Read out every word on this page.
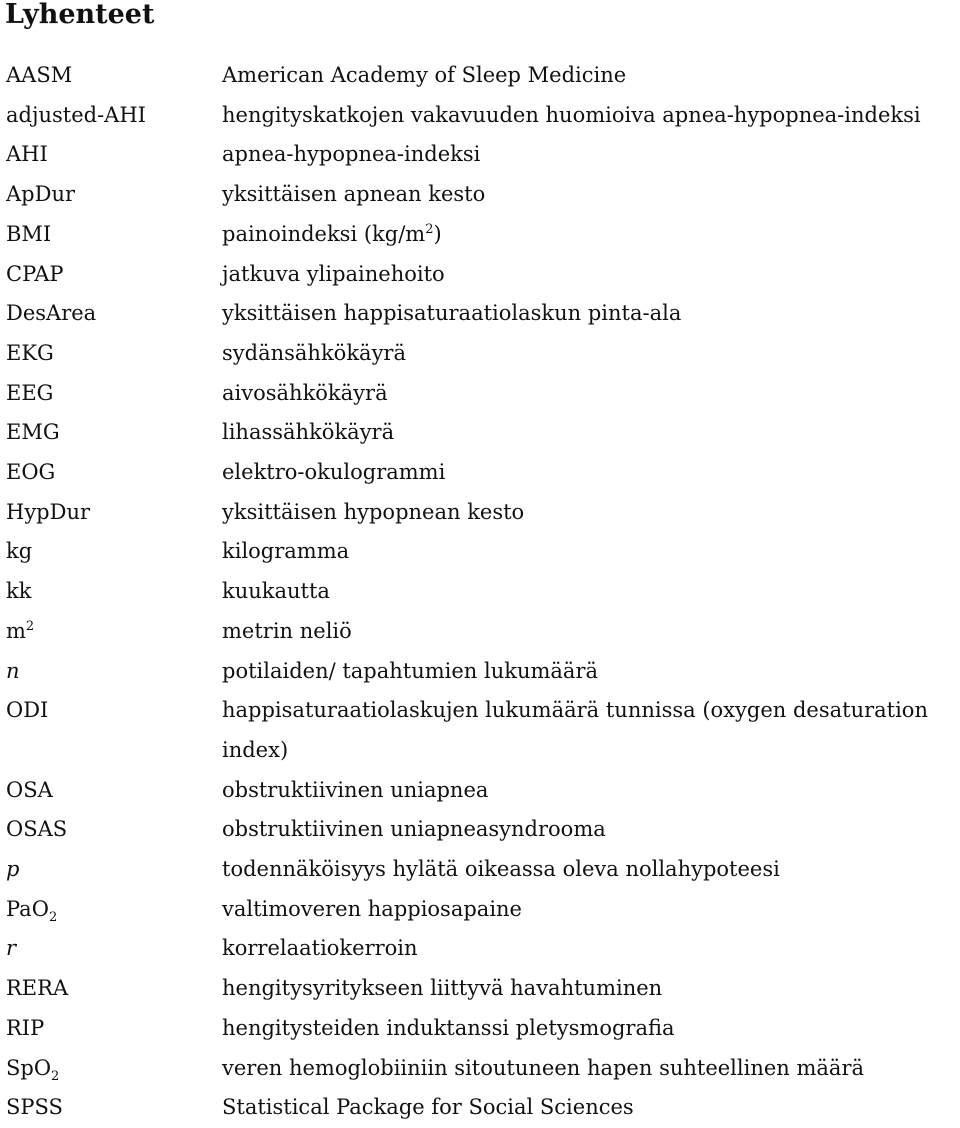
Lyhenteet
AASM	American Academy of Sleep Medicine
adjusted-AHI	hengityskatkojen vakavuuden huomioiva apnea-hypopnea-indeksi
AHI	apnea-hypopnea-indeksi
ApDur	yksittäisen apnean kesto
BMI	painoindeksi $(kg/m^2)$
CPAP	jatkuva ylipainehoito
DesArea	yksittäisen happisaturaatiolaskun pinta-ala
EKG	sydänsähkökäyrä
EEG	aivosähkökäyrä
EMG	lihassähkökäyrä
EOG	elektro-okulogrammi
HypDur	yksittäisen hypopnean kesto
kg	kilogramma
kk	kuukautta
$m^2$	metrin neliö
n	potilaiden/ tapahtumien lukumäärä
ODI	happisaturaatiolaskujen lukumäärä tunnissa (oxygen desaturation index)
OSA	obstruktiivinen uniapnea
OSAS	obstruktiivinen uniapneasyndrooma
p	todennäköisyys hylätä oikeassa oleva nollahypoteesi
PaO$_2$	valtimoveren happiosapaine
r	korrelaatiokerroin
RERA	hengitysyritykseen liittyvä havahtuminen
RIP	hengitysteiden induktanssi pletysmografia
SpO$_2$	veren hemoglobiiniin sitoutuneen hapen suhteellinen määrä
SPSS	Statistical Package for Social Sciences
